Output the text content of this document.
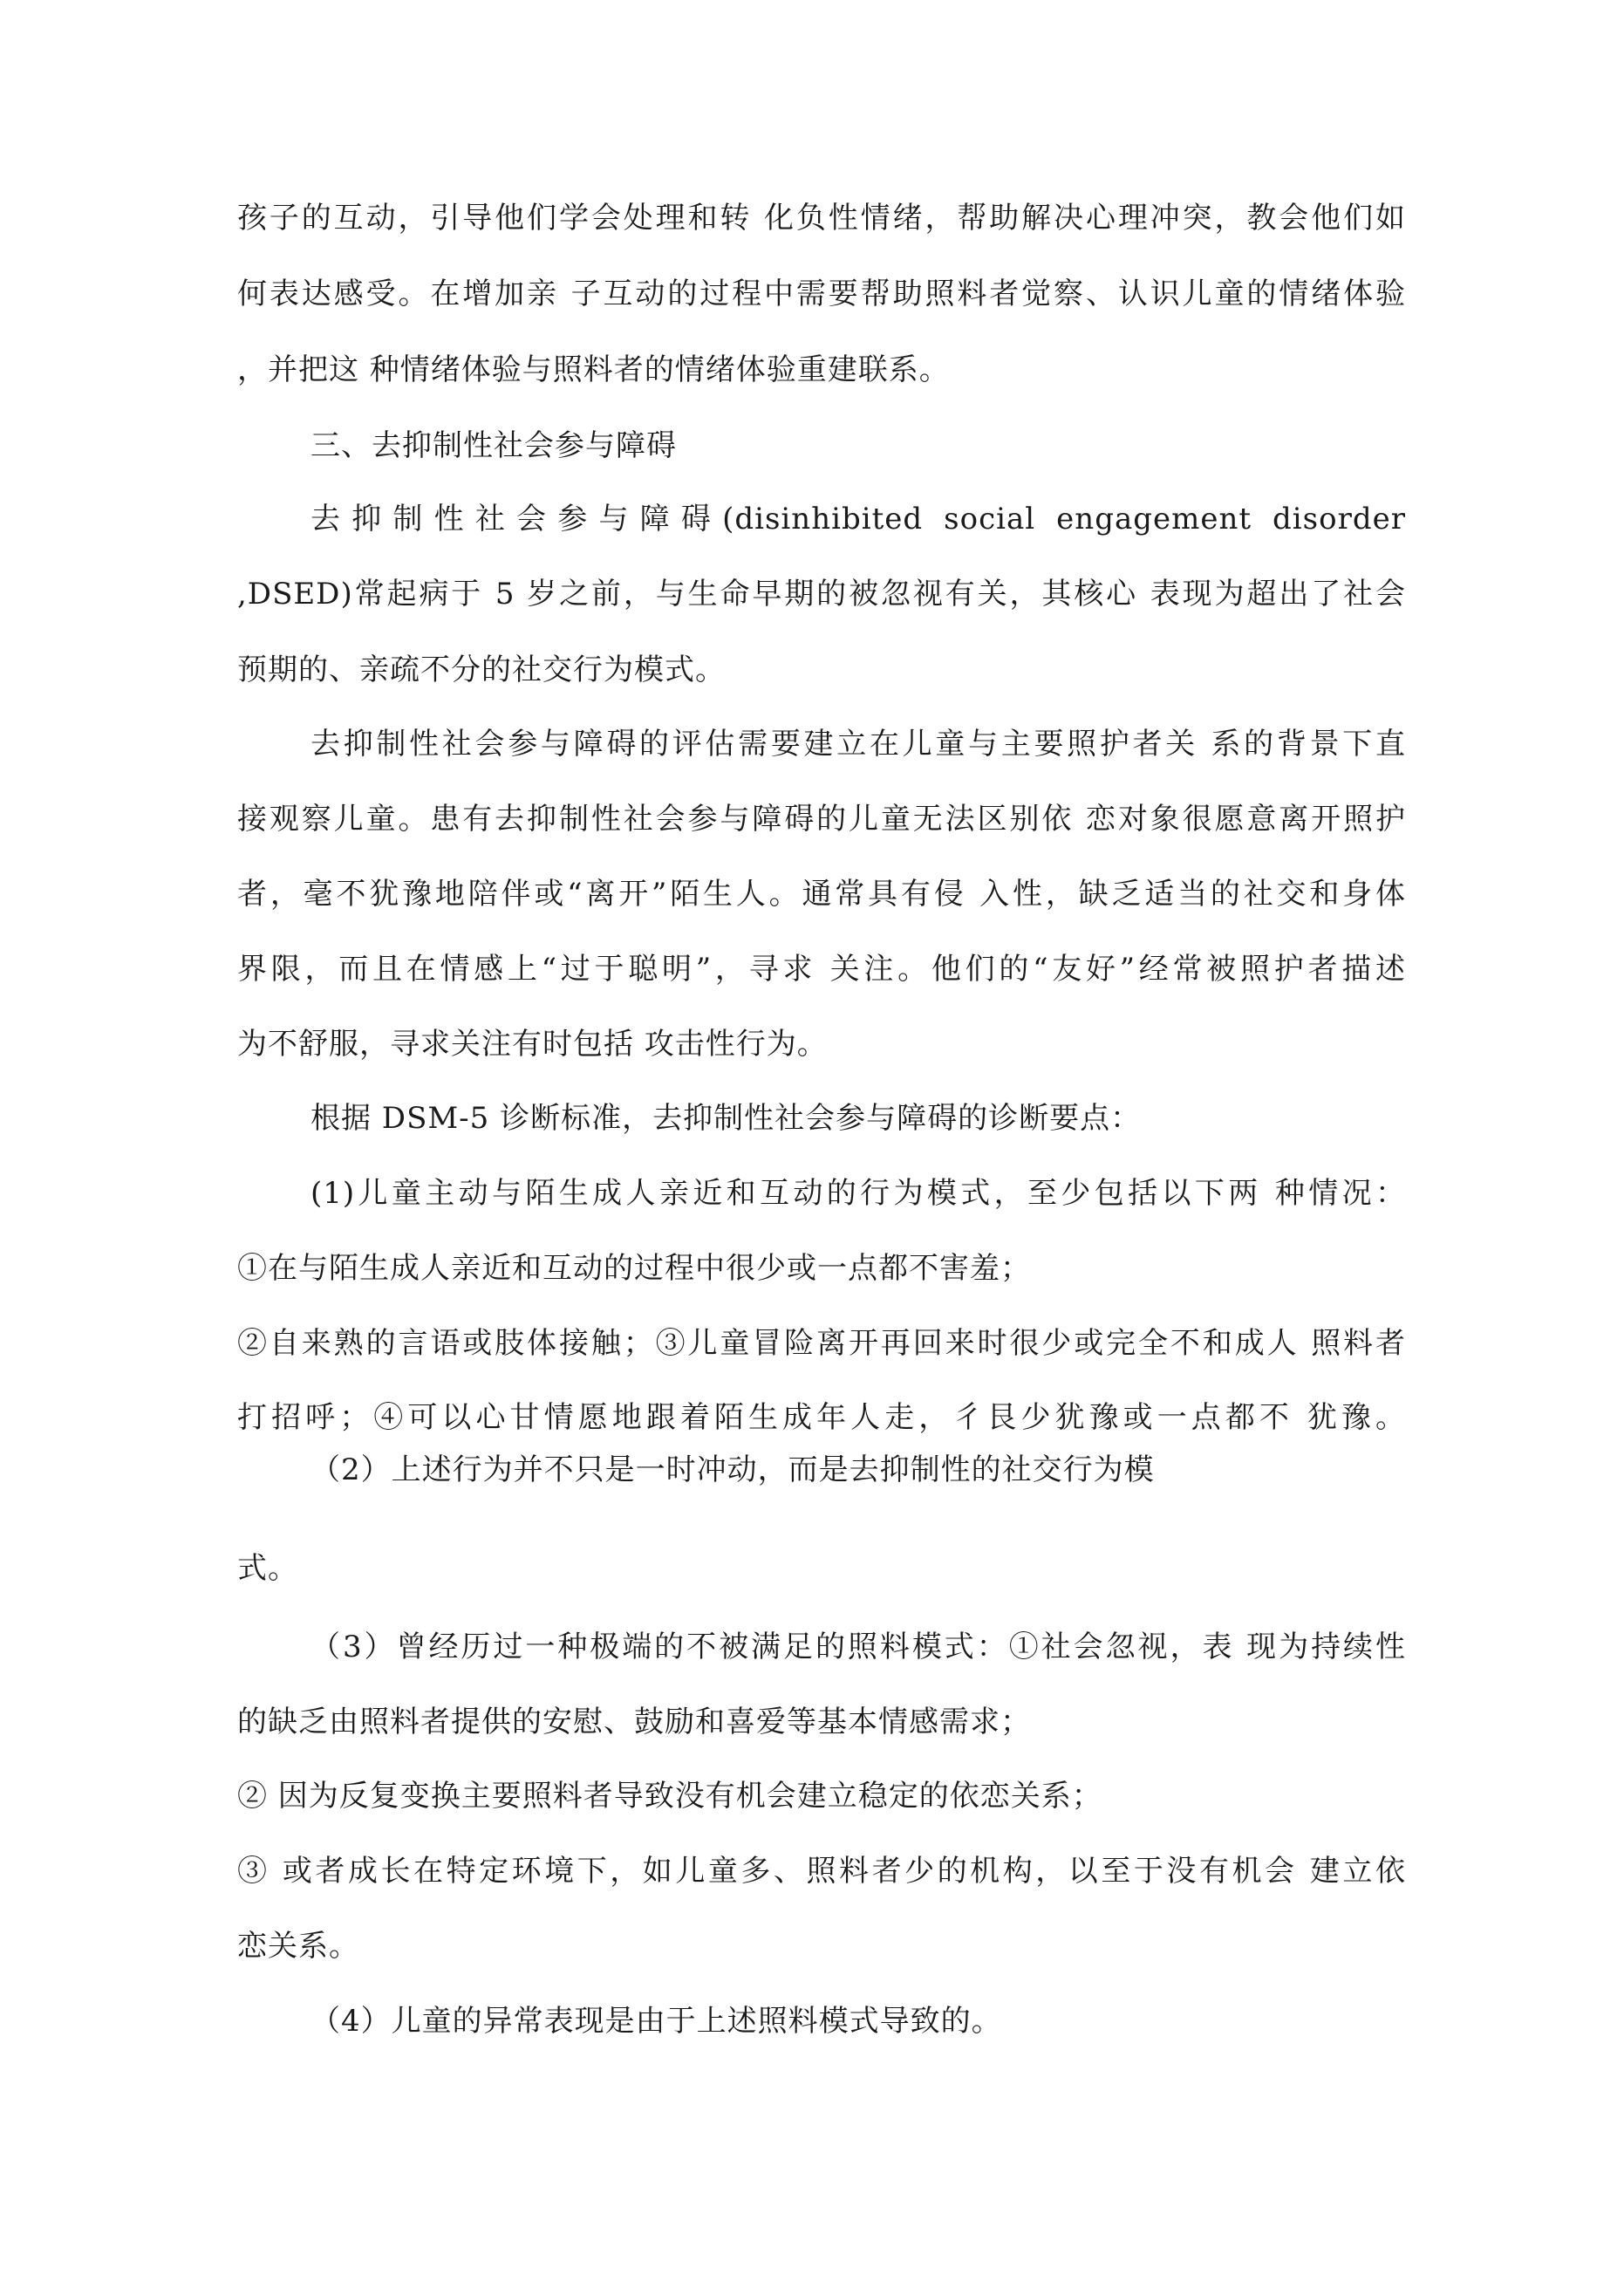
孩子的互动，引导他们学会处理和转 化负性情绪，帮助解决心理冲突，教会他们如
何表达感受。在增加亲 子互动的过程中需要帮助照料者觉察、认识儿童的情绪体验
，并把这 种情绪体验与照料者的情绪体验重建联系。
三、去抑制性社会参与障碍
去抑制性社会参与障碍(disinhibited social engagement disorder
,DSED)常起病于 5 岁之前，与生命早期的被忽视有关，其核心 表现为超出了社会
预期的、亲疏不分的社交行为模式。
去抑制性社会参与障碍的评估需要建立在儿童与主要照护者关 系的背景下直
接观察儿童。患有去抑制性社会参与障碍的儿童无法区别依 恋对象很愿意离开照护
者，毫不犹豫地陪伴或“离开”陌生人。通常具有侵 入性，缺乏适当的社交和身体
界限，而且在情感上“过于聪明”，寻求 关注。他们的“友好”经常被照护者描述
为不舒服，寻求关注有时包括 攻击性行为。
根据 DSM-5 诊断标准，去抑制性社会参与障碍的诊断要点：
(1)儿童主动与陌生成人亲近和互动的行为模式，至少包括以下两 种情况：
①在与陌生成人亲近和互动的过程中很少或一点都不害羞；
②自来熟的言语或肢体接触；③儿童冒险离开再回来时很少或完全不和成人 照料者
打招呼；④可以心甘情愿地跟着陌生成年人走，彳艮少犹豫或一点都不 犹豫。
（2）上述行为并不只是一时冲动，而是去抑制性的社交行为模
式。
（3）曾经历过一种极端的不被满足的照料模式：①社会忽视，表 现为持续性
的缺乏由照料者提供的安慰、鼓励和喜爱等基本情感需求；
② 因为反复变换主要照料者导致没有机会建立稳定的依恋关系；
③ 或者成长在特定环境下，如儿童多、照料者少的机构，以至于没有机会 建立依
恋关系。
（4）儿童的异常表现是由于上述照料模式导致的。
